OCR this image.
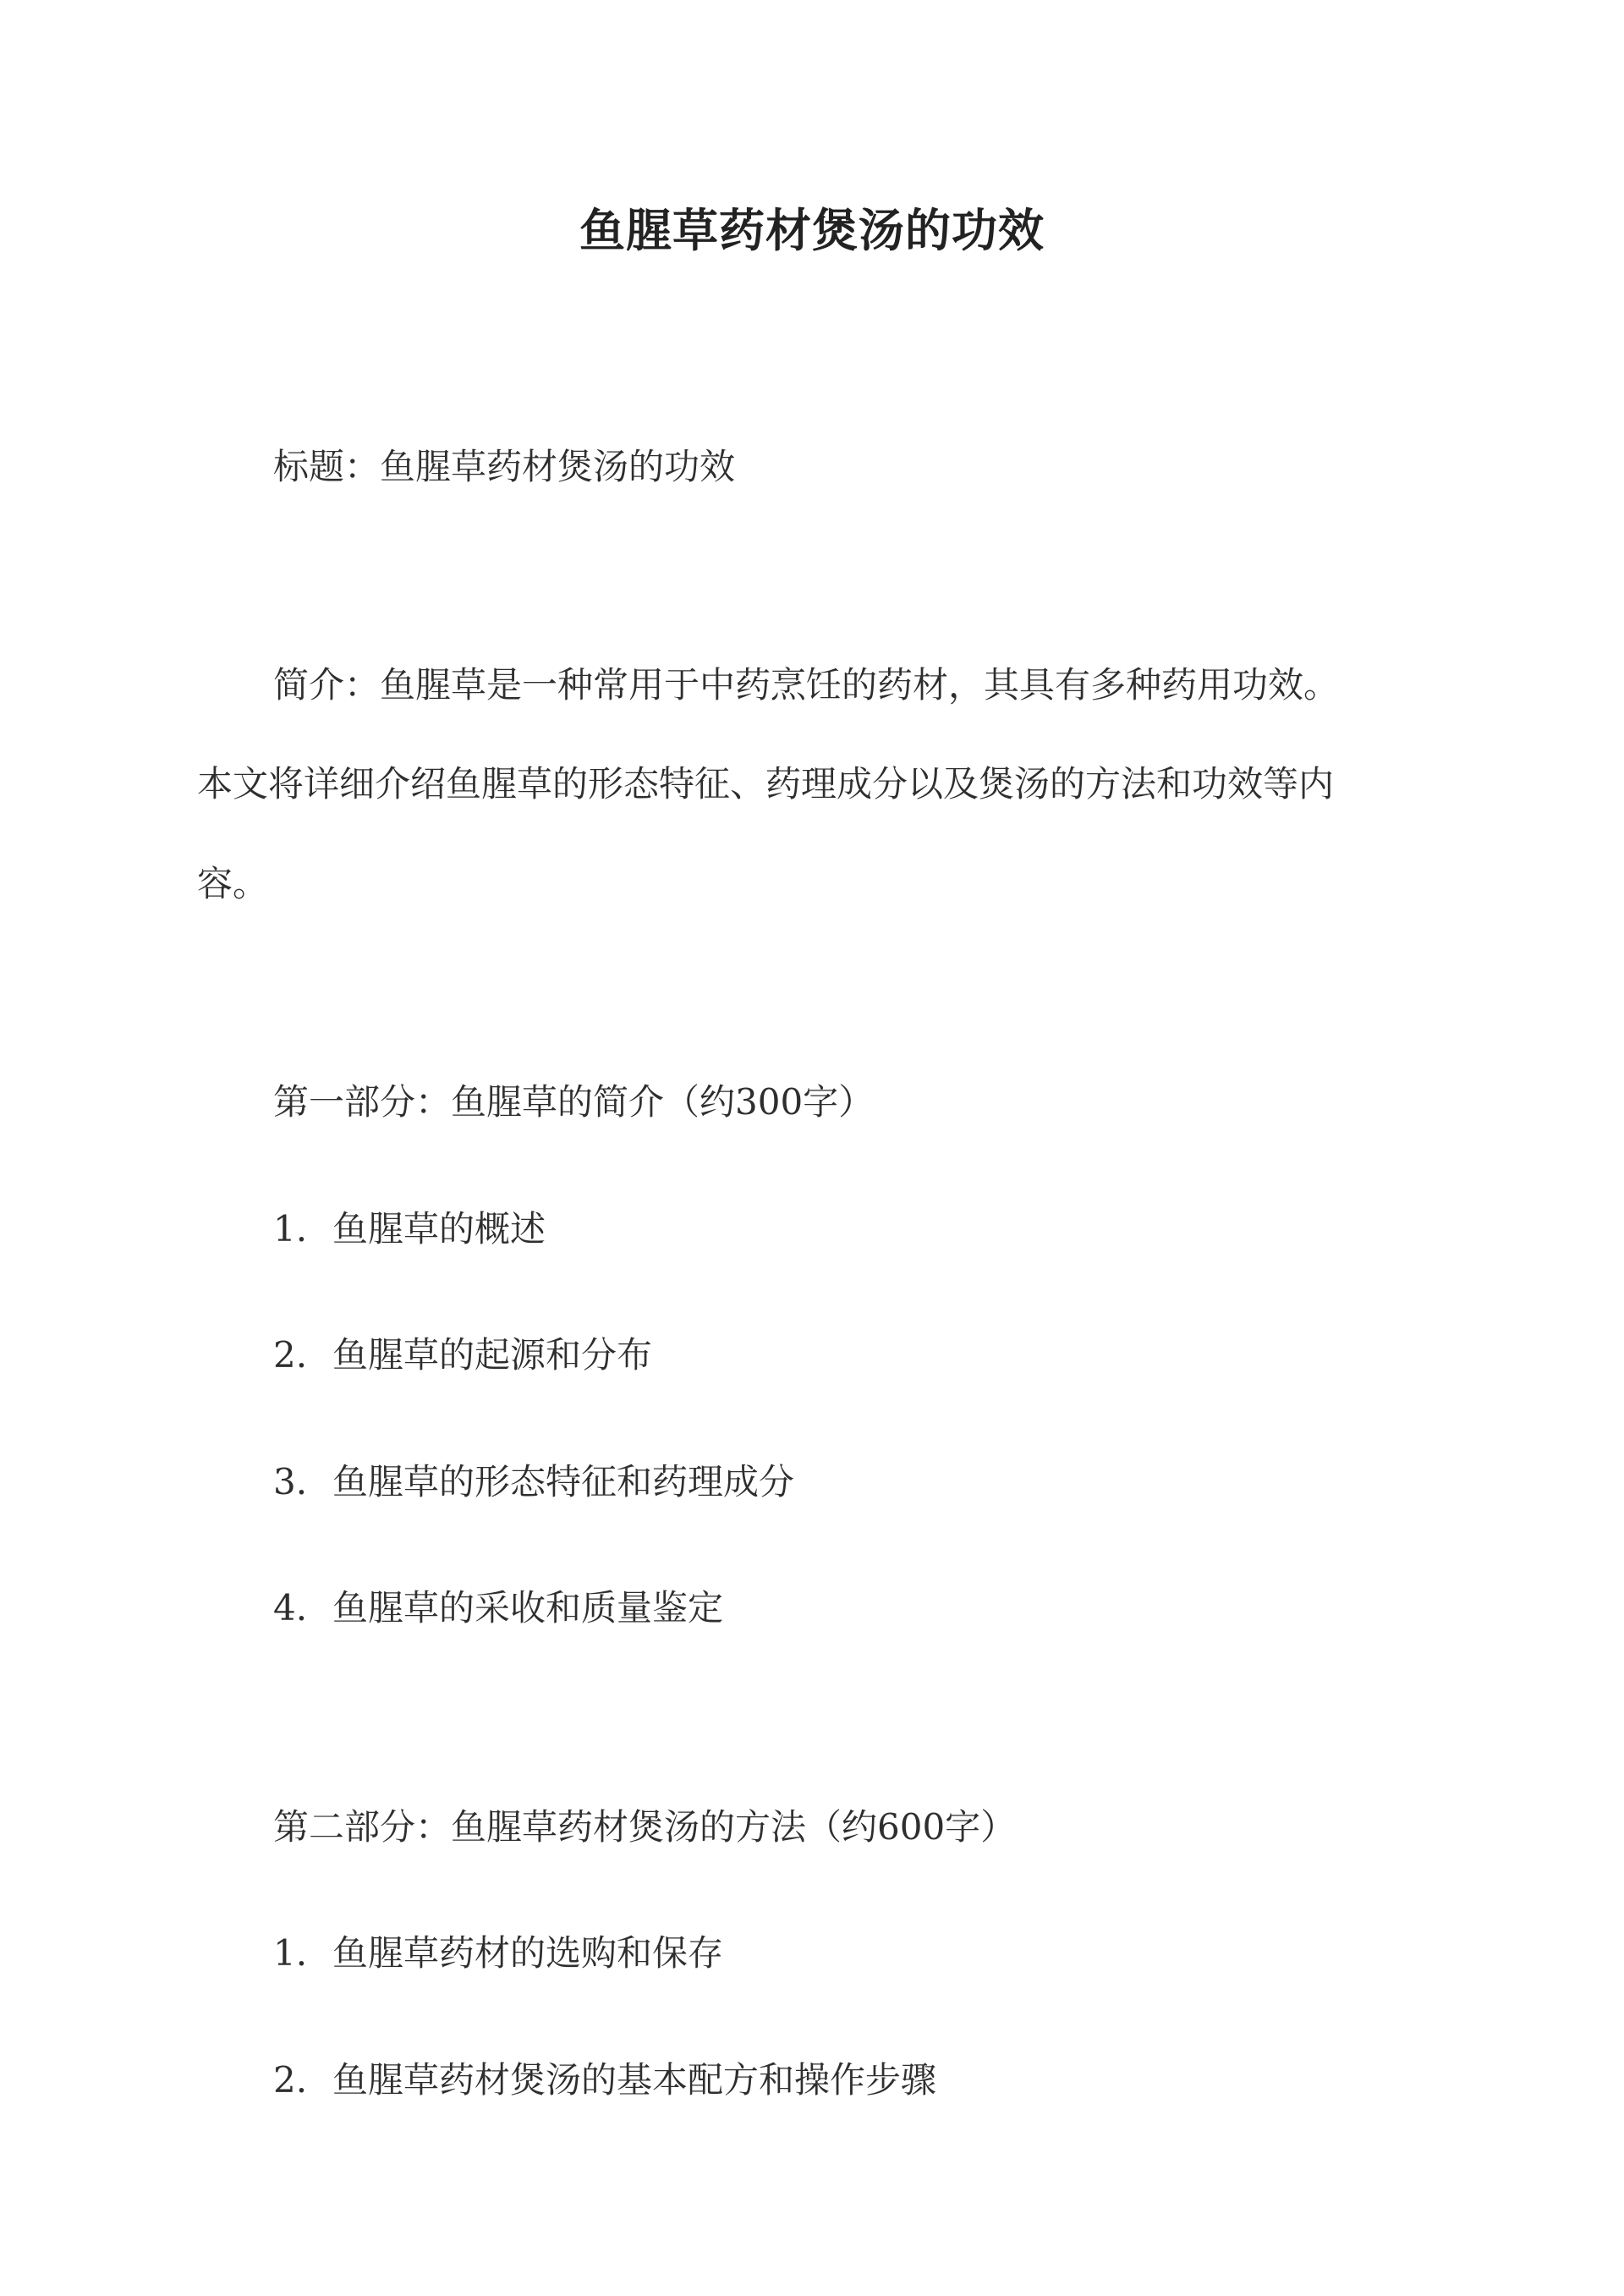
鱼腥草药材煲汤的功效
标题：鱼腥草药材煲汤的功效
简介：鱼腥草是一种常用于中药烹饪的药材，其具有多种药用功效。
本文将详细介绍鱼腥草的形态特征、药理成分以及煲汤的方法和功效等内
容。
第一部分：鱼腥草的简介（约300字）
1. 鱼腥草的概述
2. 鱼腥草的起源和分布
3. 鱼腥草的形态特征和药理成分
4. 鱼腥草的采收和质量鉴定
第二部分：鱼腥草药材煲汤的方法（约600字）
1. 鱼腥草药材的选购和保存
2. 鱼腥草药材煲汤的基本配方和操作步骤
